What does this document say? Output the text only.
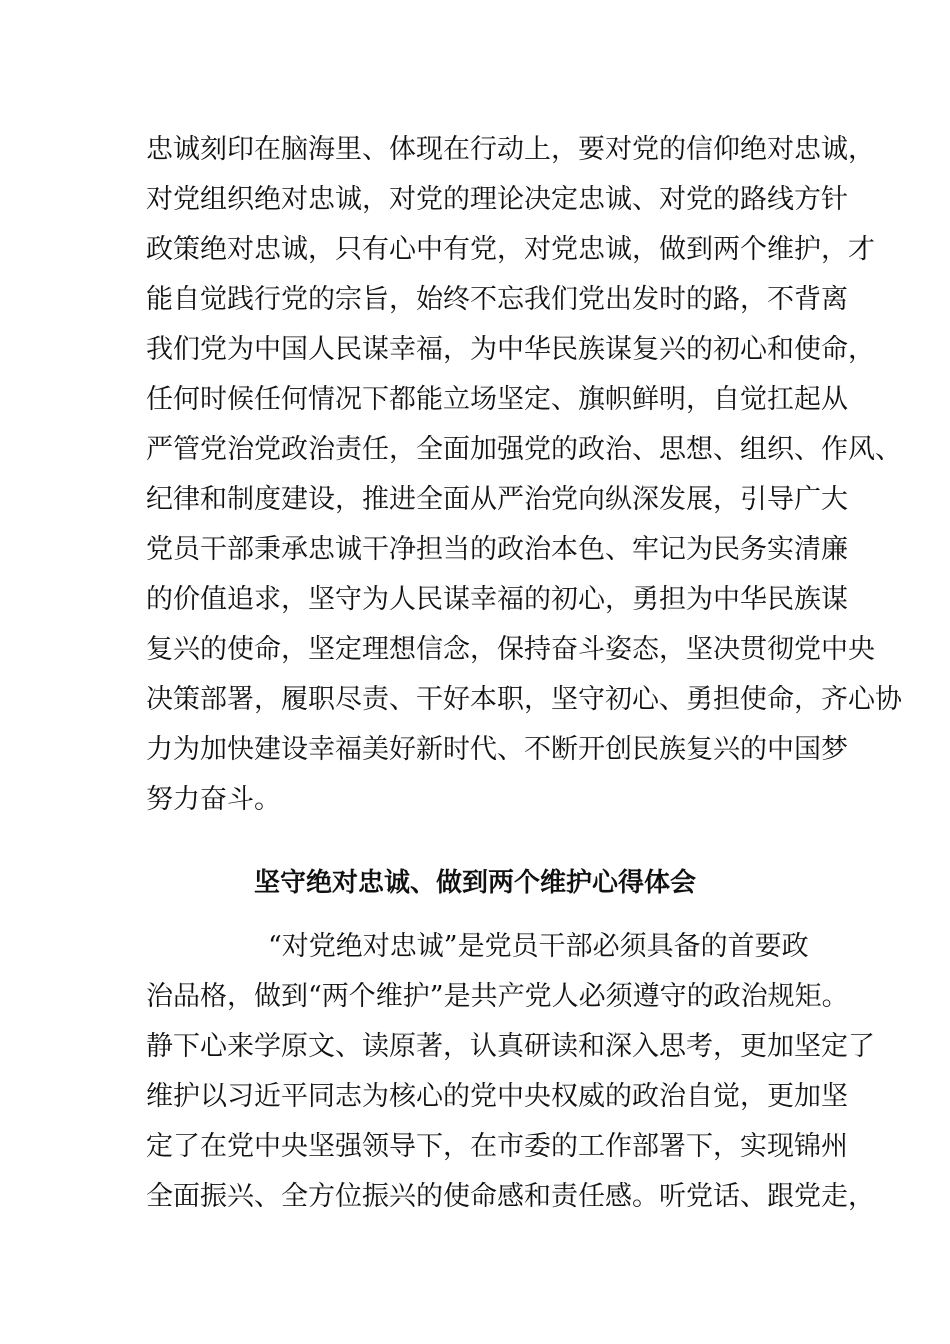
忠诚刻印在脑海里、体现在行动上，要对党的信仰绝对忠诚，
对党组织绝对忠诚，对党的理论决定忠诚、对党的路线方针
政策绝对忠诚，只有心中有党，对党忠诚，做到两个维护，才
能自觉践行党的宗旨，始终不忘我们党出发时的路，不背离
我们党为中国人民谋幸福，为中华民族谋复兴的初心和使命，
任何时候任何情况下都能立场坚定、旗帜鲜明，自觉扛起从
严管党治党政治责任，全面加强党的政治、思想、组织、作风、
纪律和制度建设，推进全面从严治党向纵深发展，引导广大
党员干部秉承忠诚干净担当的政治本色、牢记为民务实清廉
的价值追求，坚守为人民谋幸福的初心，勇担为中华民族谋
复兴的使命，坚定理想信念，保持奋斗姿态，坚决贯彻党中央
决策部署，履职尽责、干好本职，坚守初心、勇担使命，齐心协
力为加快建设幸福美好新时代、不断开创民族复兴的中国梦
努力奋斗。
坚守绝对忠诚、做到两个维护心得体会
“对党绝对忠诚”是党员干部必须具备的首要政
治品格，做到“两个维护”是共产党人必须遵守的政治规矩。
静下心来学原文、读原著，认真研读和深入思考，更加坚定了
维护以习近平同志为核心的党中央权威的政治自觉，更加坚
定了在党中央坚强领导下，在市委的工作部署下，实现锦州
全面振兴、全方位振兴的使命感和责任感。听党话、跟党走，
